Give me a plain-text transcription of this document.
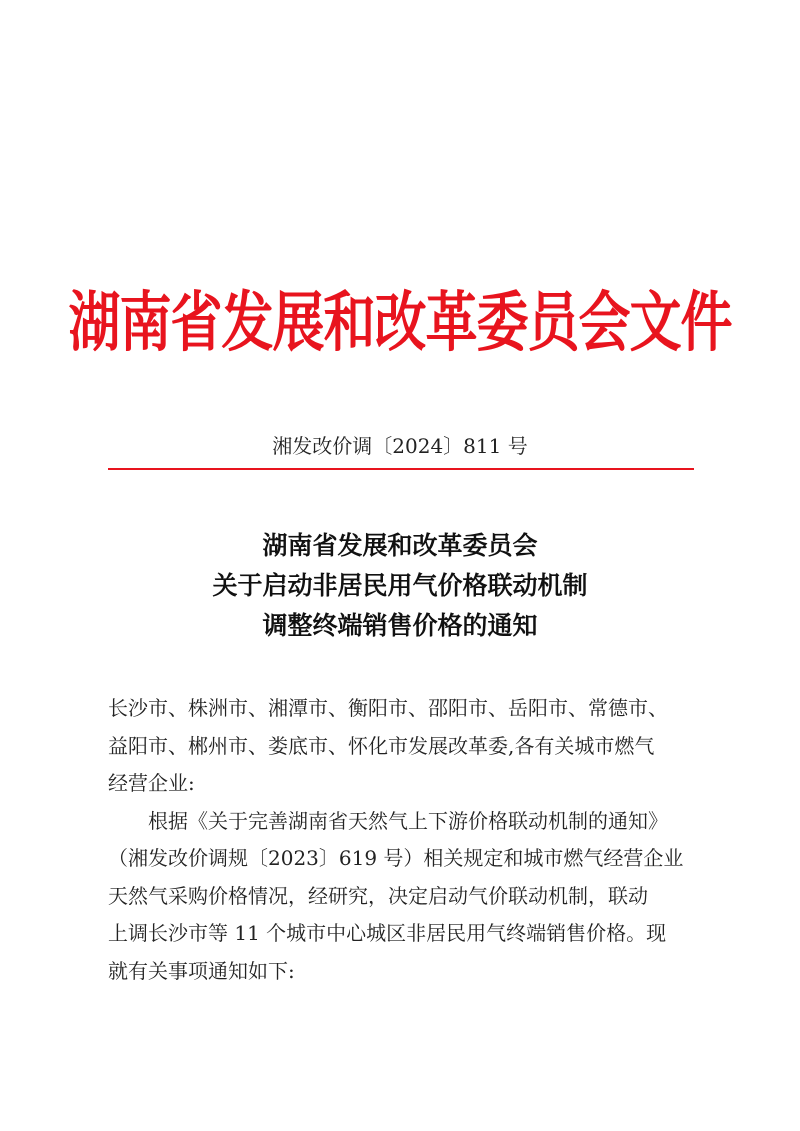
湖南省发展和改革委员会文件
湘发改价调〔2024〕811 号
湖南省发展和改革委员会
关于启动非居民用气价格联动机制
调整终端销售价格的通知
长沙市、株洲市、湘潭市、衡阳市、邵阳市、岳阳市、常德市、
益阳市、郴州市、娄底市、怀化市发展改革委,各有关城市燃气
经营企业:
根据《关于完善湖南省天然气上下游价格联动机制的通知》
（湘发改价调规〔2023〕619 号）相关规定和城市燃气经营企业
天然气采购价格情况，经研究，决定启动气价联动机制，联动
上调长沙市等 11 个城市中心城区非居民用气终端销售价格。现
就有关事项通知如下:
